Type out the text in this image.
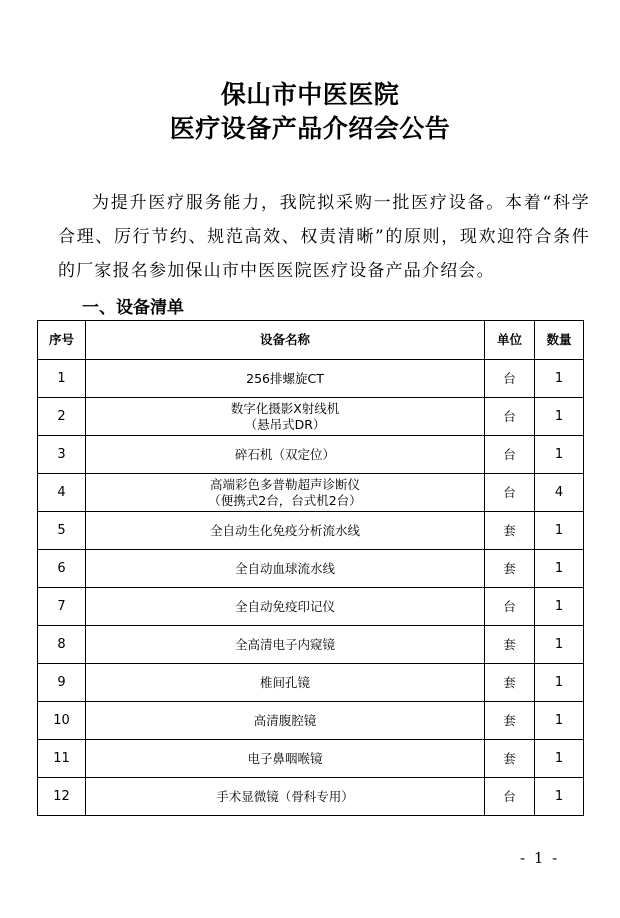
保山市中医医院
医疗设备产品介绍会公告

为提升医疗服务能力，我院拟采购一批医疗设备。本着“科学合理、厉行节约、规范高效、权责清晰”的原则，现欢迎符合条件的厂家报名参加保山市中医医院医疗设备产品介绍会。

一、设备清单
序号	设备名称	单位	数量
1	256排螺旋CT	台	1
2	数字化摄影X射线机
（悬吊式DR）	台	1
3	碎石机（双定位）	台	1
4	高端彩色多普勒超声诊断仪
（便携式2台，台式机2台）	台	4
5	全自动生化免疫分析流水线	套	1
6	全自动血球流水线	套	1
7	全自动免疫印记仪	台	1
8	全高清电子内窥镜	套	1
9	椎间孔镜	套	1
10	高清腹腔镜	套	1
11	电子鼻咽喉镜	套	1
12	手术显微镜（骨科专用）	台	1
- 1 -
